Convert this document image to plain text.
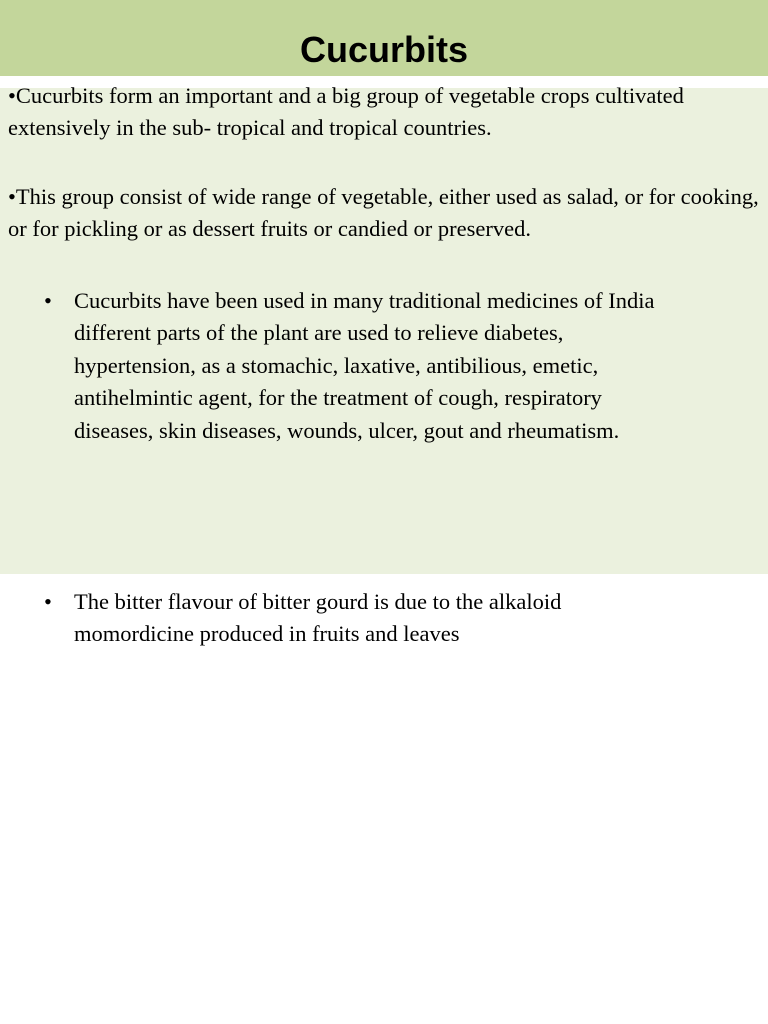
Cucurbits

•Cucurbits form an important and a big group of vegetable crops cultivated extensively in the sub- tropical and tropical countries.

•This group consist of wide range of vegetable, either used as salad, or for cooking, or for pickling or as dessert fruits or candied or preserved.

• Cucurbits have been used in many traditional medicines of India different parts of the plant are used to relieve diabetes, hypertension, as a stomachic, laxative, antibilious, emetic, antihelmintic agent, for the treatment of cough, respiratory diseases, skin diseases, wounds, ulcer, gout and rheumatism.

• The bitter flavour of bitter gourd is due to the alkaloid momordicine produced in fruits and leaves
